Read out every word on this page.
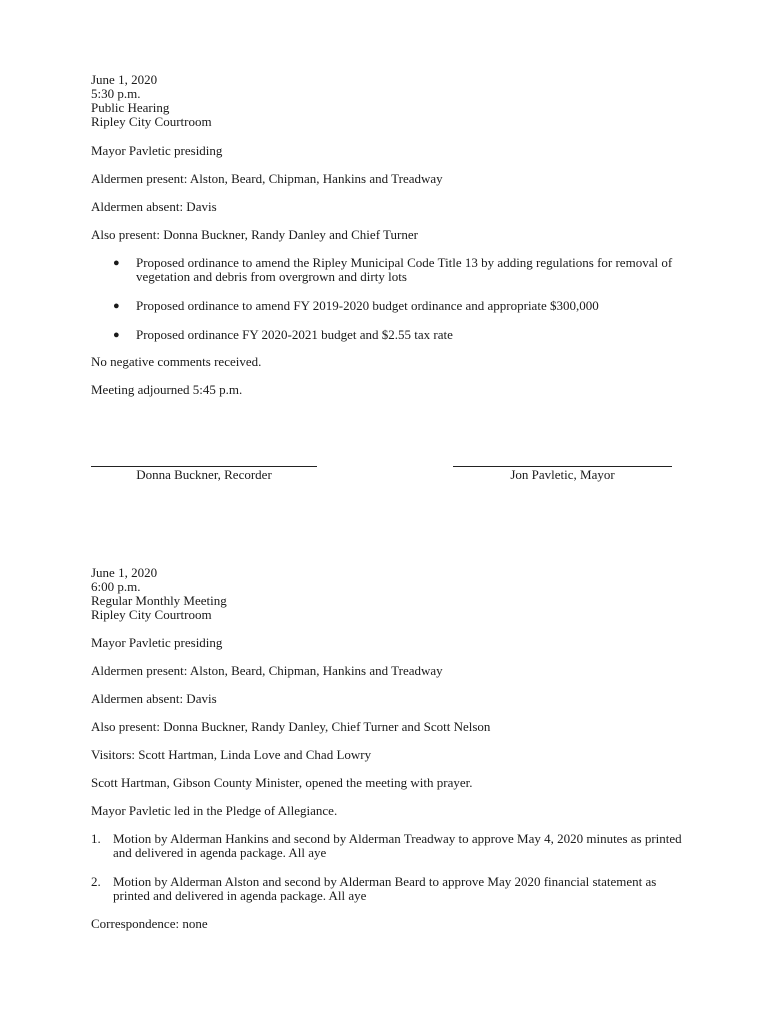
June 1, 2020
5:30 p.m.
Public Hearing
Ripley City Courtroom
Mayor Pavletic presiding
Aldermen present: Alston, Beard, Chipman, Hankins and Treadway
Aldermen absent: Davis
Also present: Donna Buckner, Randy Danley and Chief Turner
● Proposed ordinance to amend the Ripley Municipal Code Title 13 by adding regulations for removal of vegetation and debris from overgrown and dirty lots
● Proposed ordinance to amend FY 2019-2020 budget ordinance and appropriate $300,000
● Proposed ordinance FY 2020-2021 budget and $2.55 tax rate
No negative comments received.
Meeting adjourned 5:45 p.m.
Donna Buckner, Recorder	Jon Pavletic, Mayor
June 1, 2020
6:00 p.m.
Regular Monthly Meeting
Ripley City Courtroom
Mayor Pavletic presiding
Aldermen present: Alston, Beard, Chipman, Hankins and Treadway
Aldermen absent: Davis
Also present: Donna Buckner, Randy Danley, Chief Turner and Scott Nelson
Visitors: Scott Hartman, Linda Love and Chad Lowry
Scott Hartman, Gibson County Minister, opened the meeting with prayer.
Mayor Pavletic led in the Pledge of Allegiance.
1. Motion by Alderman Hankins and second by Alderman Treadway to approve May 4, 2020 minutes as printed and delivered in agenda package. All aye
2. Motion by Alderman Alston and second by Alderman Beard to approve May 2020 financial statement as printed and delivered in agenda package. All aye
Correspondence: none
